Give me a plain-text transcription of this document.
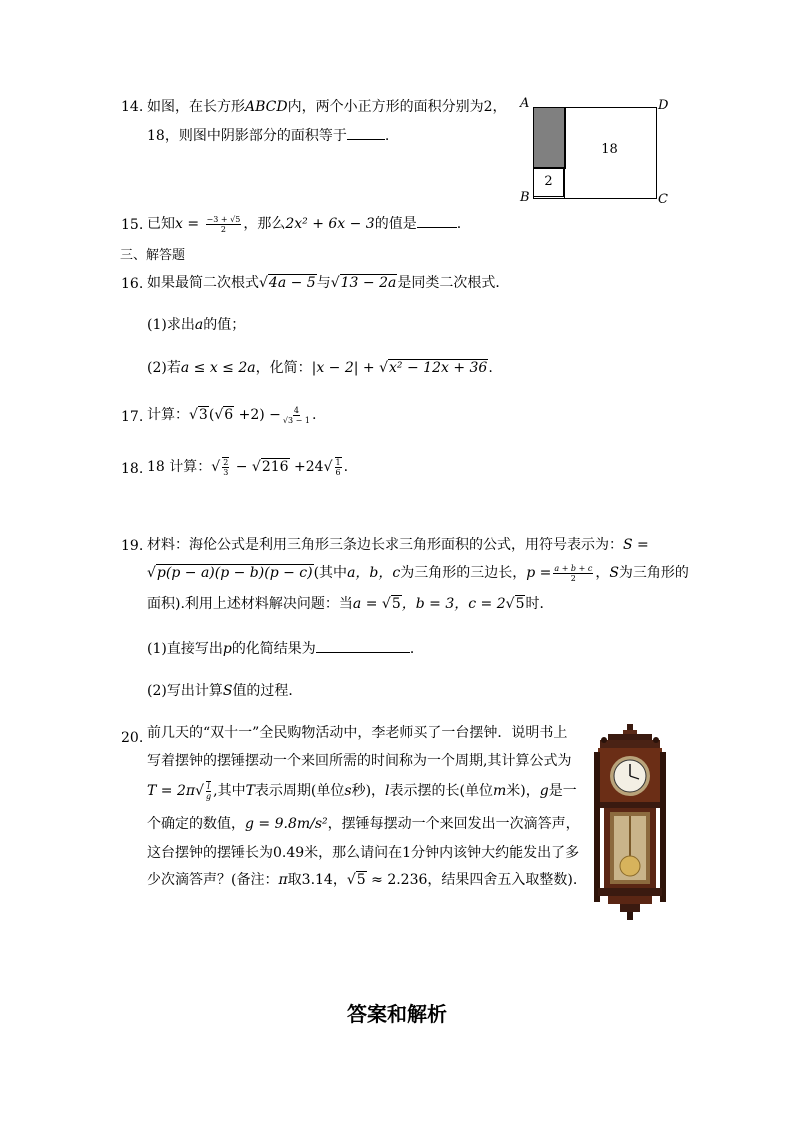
14. 如图，在长方形ABCD内，两个小正方形的面积分别为2，
18，则图中阴影部分的面积等于	.
2
18
A	D
B	C
15. 已知$x = \frac{-3 + √5}{2}$ ，那么2x² + 6x − 3的值是	.
三、解答题
16. 如果最简二次根式√4a − 5与√13 − 2a是同类二次根式．
(1)求出a的值；
(2)若a ≤ x ≤ 2a，化简：|x − 2| + √x² − 12x + 36.
17. 计算：$√3(√6 +2) - \frac{4}{√3 - 1}$ .
18. 18 计算：√ $\frac{2}{3} - √216 +24√ \frac{1}{6}$ .
19. 材料：海伦公式是利用三角形三条边长求三角形面积的公式，用符号表示为：S =
√p(p − a)(p − b)(p − c)(其中a，b，c为三角形的三边长，$p = \frac{a + b + c}{2}$ ，S为三角形的
面积).利用上述材料解决问题：当a = √5，b = 3，c = 2√5时．
(1)直接写出p的化简结果为	．
(2)写出计算S值的过程．
20. 前几天的“双十一”全民购物活动中，李老师买了一台摆钟．说明书上
写着摆钟的摆锤摆动一个来回所需的时间称为一个周期,其计算公式为
$T = 2\pi√ \frac{l}{g}$ ,其中T表示周期(单位s秒)，l表示摆的长(单位m米)，g是一
个确定的数值，g = 9.8m/s²，摆锤每摆动一个来回发出一次滴答声，
这台摆钟的摆锤长为0.49米，那么请问在1分钟内该钟大约能发出了多
少次滴答声？(备注：π取3.14，√5 ≈ 2.236，结果四舍五入取整数).
答案和解析
